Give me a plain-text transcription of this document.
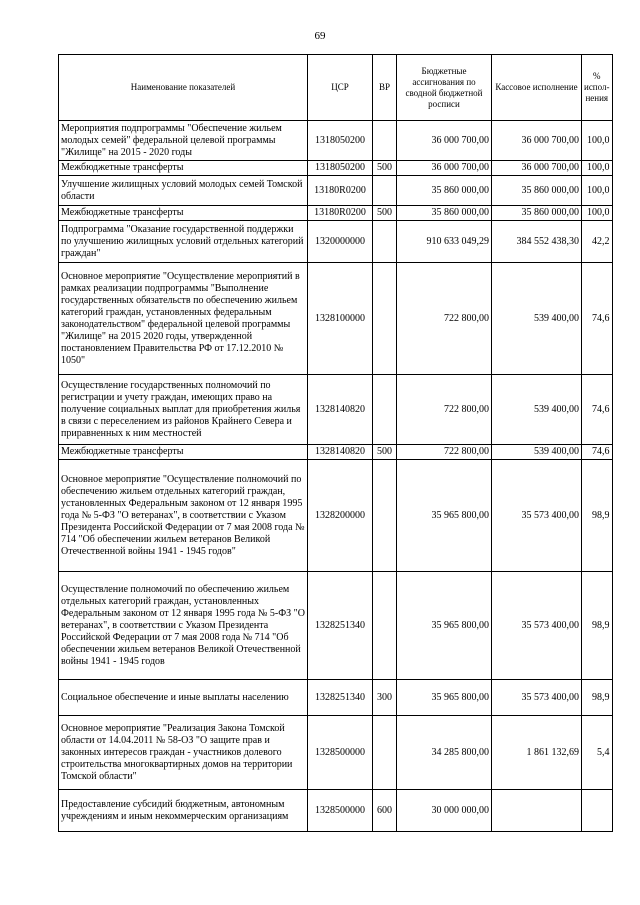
69
Наименование показателей	ЦСР	ВР	Бюджетные ассигнования по сводной бюджетной росписи	Кассовое исполнение	% испол-нения
Мероприятия подпрограммы "Обеспечение жильем молодых семей" федеральной целевой программы "Жилище" на 2015 - 2020 годы	1318050200		36 000 700,00	36 000 700,00	100,0
Межбюджетные трансферты	1318050200	500	36 000 700,00	36 000 700,00	100,0
Улучшение жилищных условий молодых семей Томской области	13180R0200		35 860 000,00	35 860 000,00	100,0
Межбюджетные трансферты	13180R0200	500	35 860 000,00	35 860 000,00	100,0
Подпрограмма "Оказание государственной поддержки по улучшению жилищных условий отдельных категорий граждан"	1320000000		910 633 049,29	384 552 438,30	42,2
Основное мероприятие "Осуществление мероприятий в рамках реализации подпрограммы "Выполнение государственных обязательств по обеспечению жильем категорий граждан, установленных федеральным законодательством" федеральной целевой программы "Жилище" на 2015 2020 годы, утвержденной постановлением Правительства РФ от 17.12.2010 № 1050"	1328100000		722 800,00	539 400,00	74,6
Осуществление государственных полномочий по регистрации и учету граждан, имеющих право на получение социальных выплат для приобретения жилья в связи с переселением из районов Крайнего Севера и приравненных к ним местностей	1328140820		722 800,00	539 400,00	74,6
Межбюджетные трансферты	1328140820	500	722 800,00	539 400,00	74,6
Основное мероприятие "Осуществление полномочий по обеспечению жильем отдельных категорий граждан, установленных Федеральным законом от 12 января 1995 года № 5-ФЗ "О ветеранах", в соответствии с Указом Президента Российской Федерации от 7 мая 2008 года № 714 "Об обеспечении жильем ветеранов Великой Отечественной войны 1941 - 1945 годов"	1328200000		35 965 800,00	35 573 400,00	98,9
Осуществление полномочий по обеспечению жильем отдельных категорий граждан, установленных Федеральным законом от 12 января 1995 года № 5-ФЗ "О ветеранах", в соответствии с Указом Президента Российской Федерации от 7 мая 2008 года № 714 "Об обеспечении жильем ветеранов Великой Отечественной войны 1941 - 1945 годов	1328251340		35 965 800,00	35 573 400,00	98,9
Социальное обеспечение и иные выплаты населению	1328251340	300	35 965 800,00	35 573 400,00	98,9
Основное мероприятие "Реализация Закона Томской области от 14.04.2011 № 58-ОЗ "О защите прав и законных интересов граждан - участников долевого строительства многоквартирных домов на территории Томской области"	1328500000		34 285 800,00	1 861 132,69	5,4
Предоставление субсидий бюджетным, автономным учреждениям и иным некоммерческим организациям	1328500000	600	30 000 000,00		
